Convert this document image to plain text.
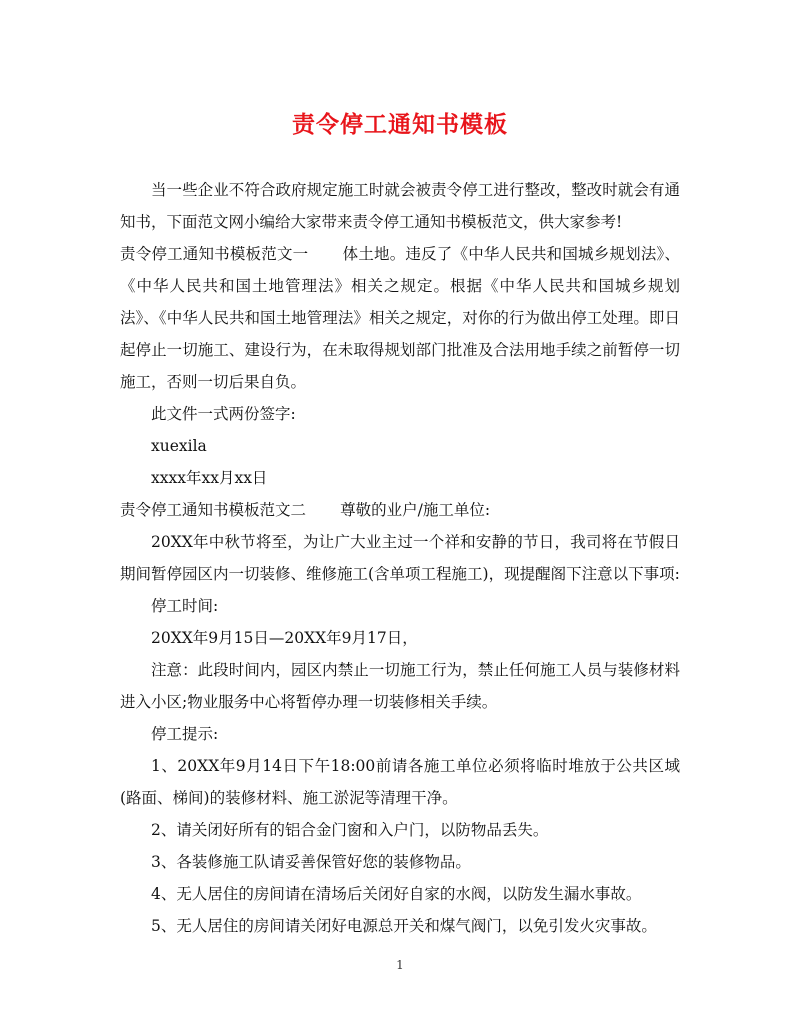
责令停工通知书模板

当一些企业不符合政府规定施工时就会被责令停工进行整改，整改时就会有通知书，下面范文网小编给大家带来责令停工通知书模板范文，供大家参考!

责令停工通知书模板范文一 体土地。违反了《中华人民共和国城乡规划法》、《中华人民共和国土地管理法》相关之规定。根据《中华人民共和国城乡规划法》、《中华人民共和国土地管理法》相关之规定，对你的行为做出停工处理。即日起停止一切施工、建设行为，在未取得规划部门批准及合法用地手续之前暂停一切施工，否则一切后果自负。

此文件一式两份签字:

xuexila

xxxx年xx月xx日

责令停工通知书模板范文二 尊敬的业户/施工单位:

20XX年中秋节将至，为让广大业主过一个祥和安静的节日，我司将在节假日期间暂停园区内一切装修、维修施工(含单项工程施工)，现提醒阁下注意以下事项:

停工时间:

20XX年9月15日—20XX年9月17日，

注意：此段时间内，园区内禁止一切施工行为，禁止任何施工人员与装修材料进入小区;物业服务中心将暂停办理一切装修相关手续。

停工提示:

1、20XX年9月14日下午18:00前请各施工单位必须将临时堆放于公共区域(路面、梯间)的装修材料、施工淤泥等清理干净。

2、请关闭好所有的铝合金门窗和入户门，以防物品丢失。

3、各装修施工队请妥善保管好您的装修物品。

4、无人居住的房间请在清场后关闭好自家的水阀，以防发生漏水事故。

5、无人居住的房间请关闭好电源总开关和煤气阀门，以免引发火灾事故。

1
